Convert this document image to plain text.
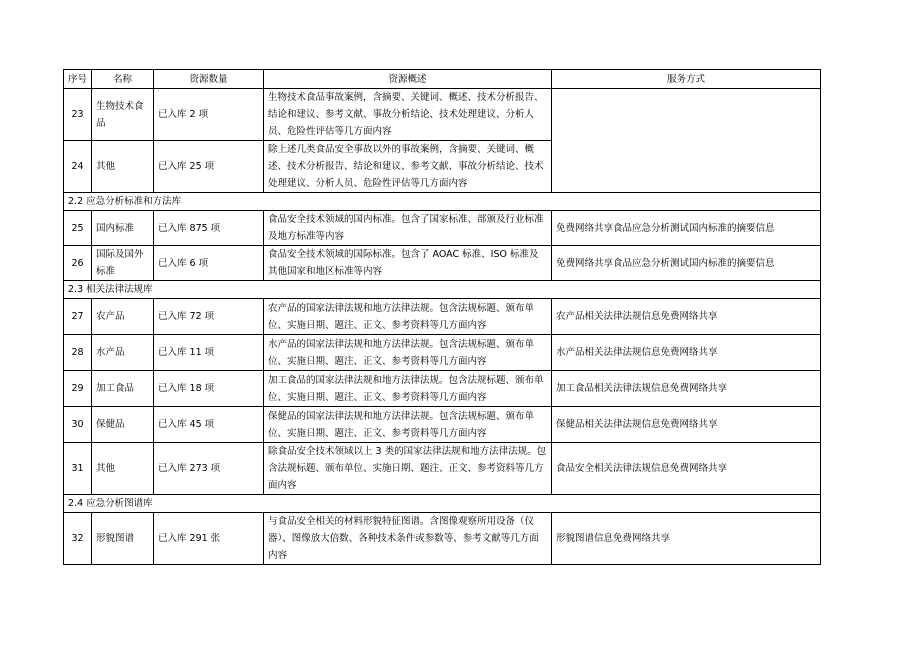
序号	名称	资源数量	资源概述	服务方式
23	生物技术食品	已入库 2 项	生物技术食品事故案例，含摘要、关键词、概述、技术分析报告、结论和建议、参考文献、事故分析结论、技术处理建议、分析人员、危险性评估等几方面内容	
24	其他	已入库 25 项	除上述几类食品安全事故以外的事故案例，含摘要、关键词、概述、技术分析报告、结论和建议、参考文献、事故分析结论、技术处理建议、分析人员、危险性评估等几方面内容	
2.2 应急分析标准和方法库				
25	国内标准	已入库 875 项	食品安全技术领域的国内标准。包含了国家标准、部颁及行业标准及地方标准等内容	免费网络共享食品应急分析测试国内标准的摘要信息
26	国际及国外标准	已入库 6 项	食品安全技术领域的国际标准。包含了 AOAC 标准、ISO 标准及其他国家和地区标准等内容	免费网络共享食品应急分析测试国内标准的摘要信息
2.3 相关法律法规库				
27	农产品	已入库 72 项	农产品的国家法律法规和地方法律法规。包含法规标题、颁布单位、实施日期、题注、正文、参考资料等几方面内容	农产品相关法律法规信息免费网络共享
28	水产品	已入库 11 项	水产品的国家法律法规和地方法律法规。包含法规标题、颁布单位、实施日期、题注、正文、参考资料等几方面内容	水产品相关法律法规信息免费网络共享
29	加工食品	已入库 18 项	加工食品的国家法律法规和地方法律法规。包含法规标题、颁布单位、实施日期、题注、正文、参考资料等几方面内容	加工食品相关法律法规信息免费网络共享
30	保健品	已入库 45 项	保健品的国家法律法规和地方法律法规。包含法规标题、颁布单位、实施日期、题注、正文、参考资料等几方面内容	保健品相关法律法规信息免费网络共享
31	其他	已入库 273 项	除食品安全技术领域以上 3 类的国家法律法规和地方法律法规。包含法规标题、颁布单位、实施日期、题注、正文、参考资料等几方面内容	食品安全相关法律法规信息免费网络共享
2.4 应急分析图谱库				
32	形貌图谱	已入库 291 张	与食品安全相关的材料形貌特征图谱。含图像观察所用设备（仪器）、图像放大倍数、各种技术条件或参数等、参考文献等几方面内容	形貌图谱信息免费网络共享
